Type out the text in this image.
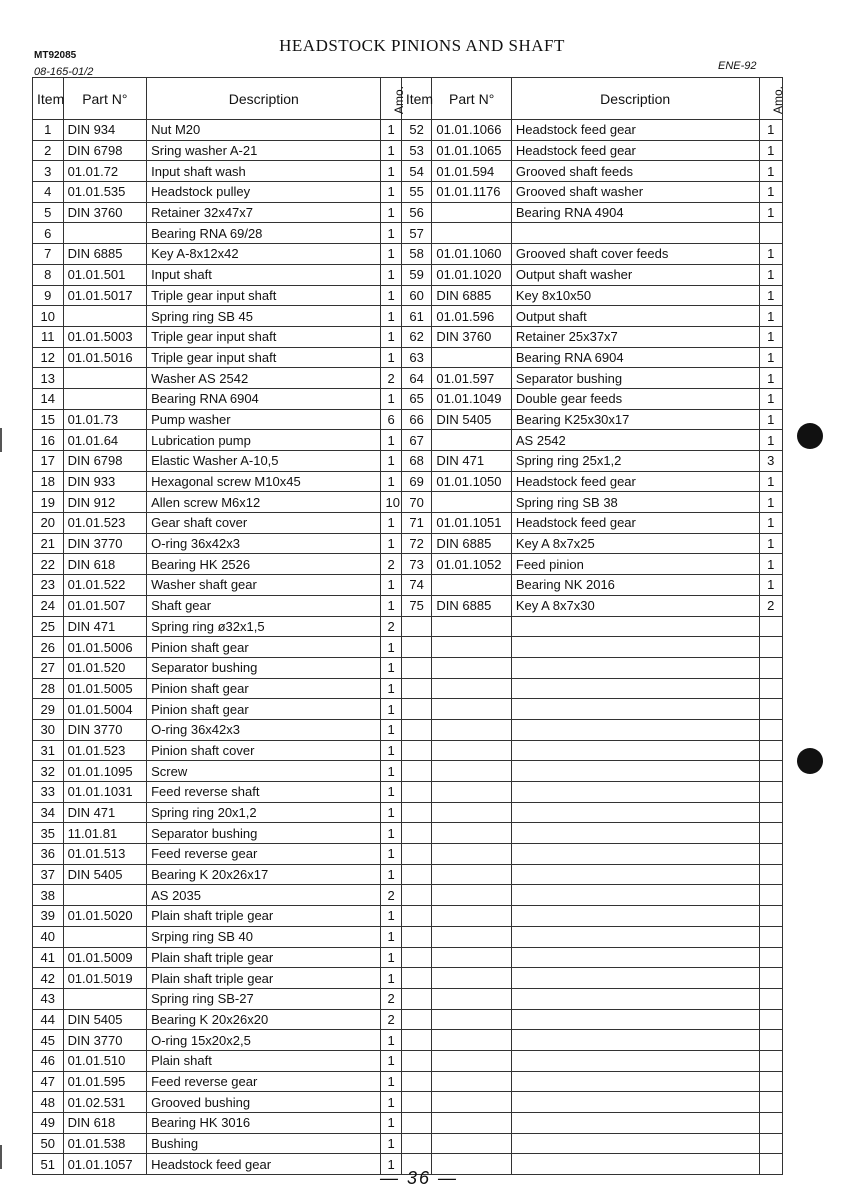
MT92085
08-165-01/2
HEADSTOCK PINIONS AND SHAFT
ENE-92
Item	Part N°	Description	Amo.	Item	Part N°	Description	Amo.
1	DIN 934	Nut M20	1	52	01.01.1066	Headstock feed gear	1
2	DIN 6798	Sring washer A-21	1	53	01.01.1065	Headstock feed gear	1
3	01.01.72	Input shaft wash	1	54	01.01.594	Grooved shaft feeds	1
4	01.01.535	Headstock pulley	1	55	01.01.1176	Grooved shaft washer	1
5	DIN 3760	Retainer 32x47x7	1	56		Bearing RNA 4904	1
6		Bearing RNA 69/28	1	57			
7	DIN 6885	Key A-8x12x42	1	58	01.01.1060	Grooved shaft cover feeds	1
8	01.01.501	Input shaft	1	59	01.01.1020	Output shaft washer	1
9	01.01.5017	Triple gear input shaft	1	60	DIN 6885	Key 8x10x50	1
10		Spring ring SB 45	1	61	01.01.596	Output shaft	1
11	01.01.5003	Triple gear input shaft	1	62	DIN 3760	Retainer 25x37x7	1
12	01.01.5016	Triple gear input shaft	1	63		Bearing RNA 6904	1
13		Washer AS 2542	2	64	01.01.597	Separator bushing	1
14		Bearing RNA 6904	1	65	01.01.1049	Double gear feeds	1
15	01.01.73	Pump washer	6	66	DIN 5405	Bearing K25x30x17	1
16	01.01.64	Lubrication pump	1	67		AS 2542	1
17	DIN 6798	Elastic Washer A-10,5	1	68	DIN 471	Spring ring 25x1,2	3
18	DIN 933	Hexagonal screw M10x45	1	69	01.01.1050	Headstock feed gear	1
19	DIN 912	Allen screw M6x12	10	70		Spring ring SB 38	1
20	01.01.523	Gear shaft cover	1	71	01.01.1051	Headstock feed gear	1
21	DIN 3770	O-ring 36x42x3	1	72	DIN 6885	Key A 8x7x25	1
22	DIN 618	Bearing HK 2526	2	73	01.01.1052	Feed pinion	1
23	01.01.522	Washer shaft gear	1	74		Bearing NK 2016	1
24	01.01.507	Shaft gear	1	75	DIN 6885	Key A 8x7x30	2
25	DIN 471	Spring ring ø32x1,5	2				
26	01.01.5006	Pinion shaft gear	1				
27	01.01.520	Separator bushing	1				
28	01.01.5005	Pinion shaft gear	1				
29	01.01.5004	Pinion shaft gear	1				
30	DIN 3770	O-ring 36x42x3	1				
31	01.01.523	Pinion shaft cover	1				
32	01.01.1095	Screw	1				
33	01.01.1031	Feed reverse shaft	1				
34	DIN 471	Spring ring 20x1,2	1				
35	11.01.81	Separator bushing	1				
36	01.01.513	Feed reverse gear	1				
37	DIN 5405	Bearing K 20x26x17	1				
38		AS 2035	2				
39	01.01.5020	Plain shaft triple gear	1				
40		Srping ring SB 40	1				
41	01.01.5009	Plain shaft triple gear	1				
42	01.01.5019	Plain shaft triple gear	1				
43		Spring ring SB-27	2				
44	DIN 5405	Bearing K 20x26x20	2				
45	DIN 3770	O-ring 15x20x2,5	1				
46	01.01.510	Plain shaft	1				
47	01.01.595	Feed reverse gear	1				
48	01.02.531	Grooved bushing	1				
49	DIN 618	Bearing HK 3016	1				
50	01.01.538	Bushing	1				
51	01.01.1057	Headstock feed gear	1				
— 36 —
